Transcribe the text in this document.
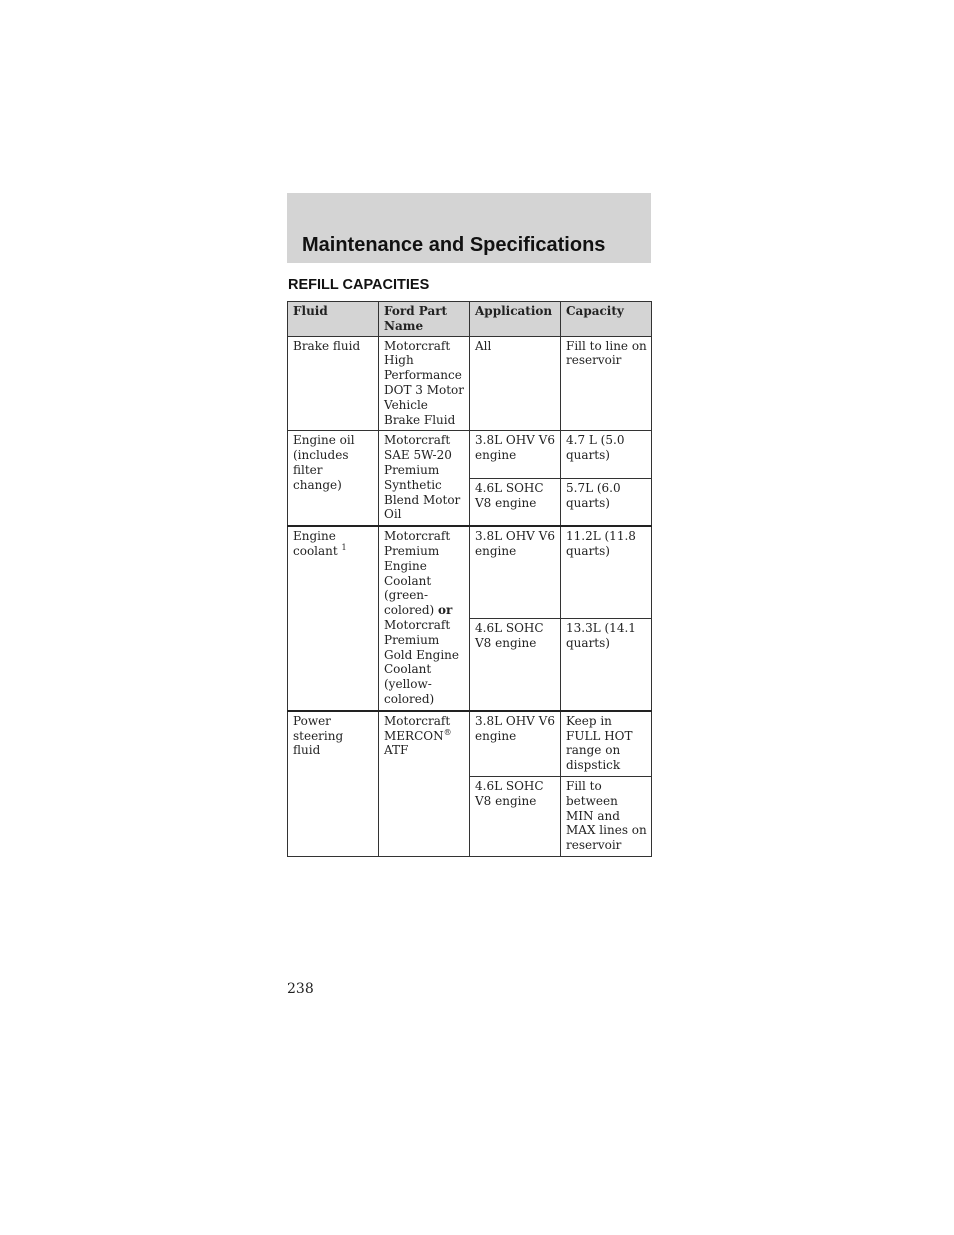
Maintenance and Specifications
REFILL CAPACITIES
Fluid	Ford Part Name	Application	Capacity
Brake fluid	Motorcraft High Performance DOT 3 Motor Vehicle Brake Fluid	All	Fill to line on reservoir
Engine oil (includes filter change)	Motorcraft SAE 5W-20 Premium Synthetic Blend Motor Oil	3.8L OHV V6 engine	4.7 L (5.0 quarts)
		4.6L SOHC V8 engine	5.7L (6.0 quarts)
Engine coolant $^1$	Motorcraft Premium Engine Coolant (green-colored) or Motorcraft Premium Gold Engine Coolant (yellow-colored)	3.8L OHV V6 engine	11.2L (11.8 quarts)
		4.6L SOHC V8 engine	13.3L (14.1 quarts)
Power steering fluid	Motorcraft MERCON® ATF	3.8L OHV V6 engine	Keep in FULL HOT range on dispstick
		4.6L SOHC V8 engine	Fill to between MIN and MAX lines on reservoir
238
